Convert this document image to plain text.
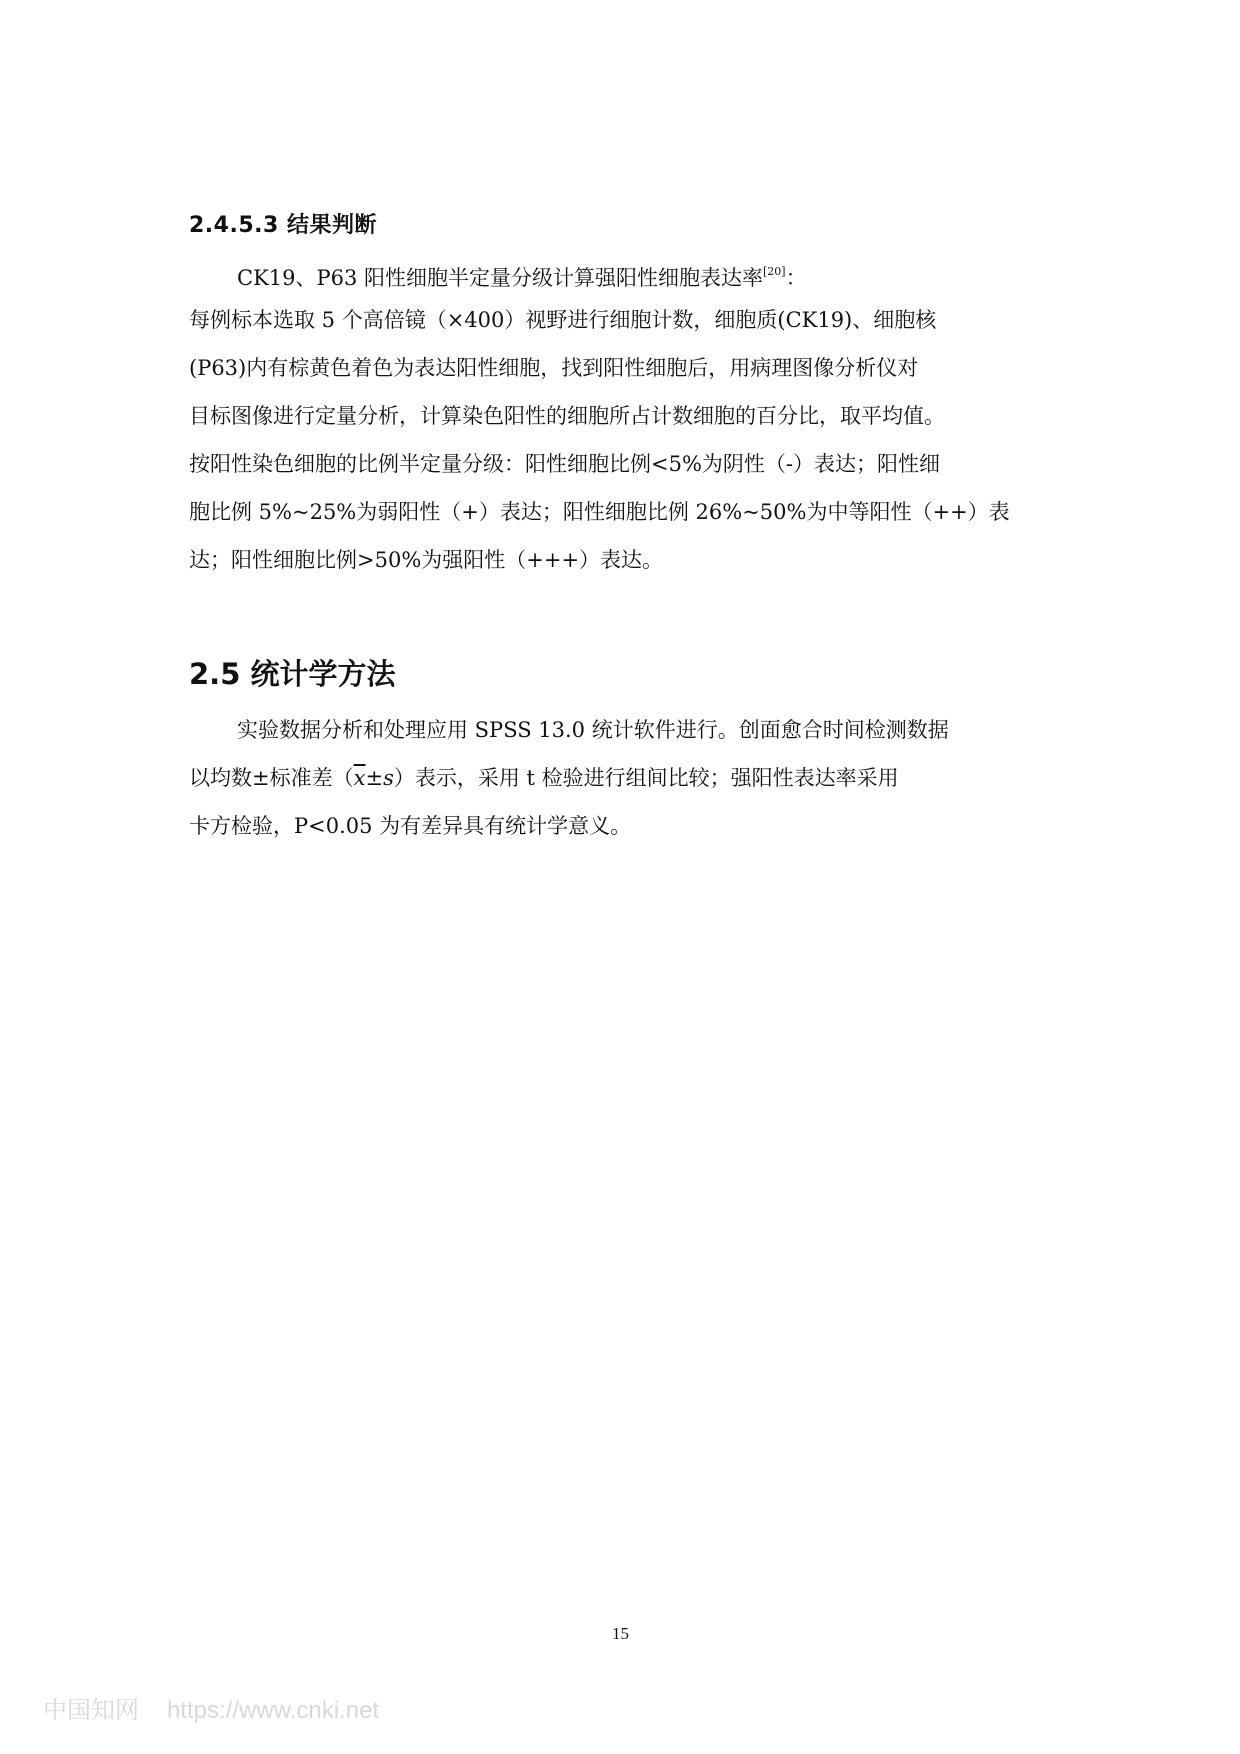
2.4.5.3 结果判断
CK19、P63 阳性细胞半定量分级计算强阳性细胞表达率[20]：
每例标本选取 5 个高倍镜（×400）视野进行细胞计数，细胞质(CK19)、细胞核
(P63)内有棕黄色着色为表达阳性细胞，找到阳性细胞后，用病理图像分析仪对
目标图像进行定量分析，计算染色阳性的细胞所占计数细胞的百分比，取平均值。
按阳性染色细胞的比例半定量分级：阳性细胞比例<5%为阴性（-）表达；阳性细
胞比例 5%~25%为弱阳性（+）表达；阳性细胞比例 26%~50%为中等阳性（++）表
达；阳性细胞比例>50%为强阳性（+++）表达。
2.5 统计学方法
实验数据分析和处理应用 SPSS 13.0 统计软件进行。创面愈合时间检测数据
以均数±标准差$(\overline{x}\pm s)$表示，采用 t 检验进行组间比较；强阳性表达率采用
卡方检验，P<0.05 为有差异具有统计学意义。
15
中国知网 https://www.cnki.net
